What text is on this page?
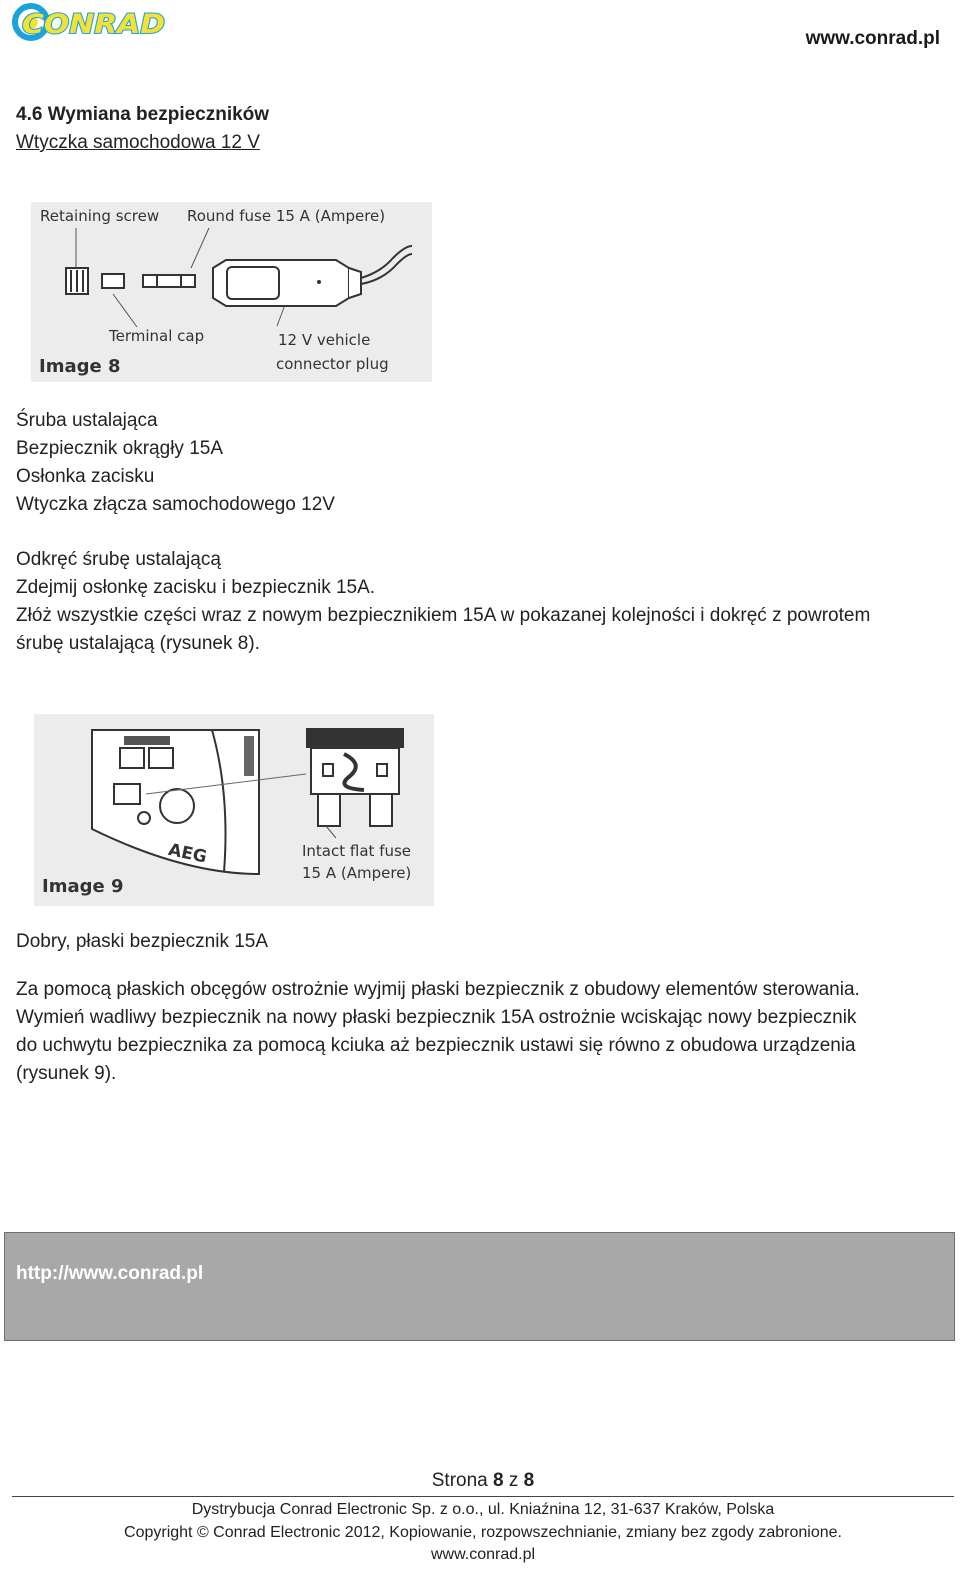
CONRAD	www.conrad.pl
4.6 Wymiana bezpieczników
Wtyczka samochodowa 12 V
Retaining screw Round fuse 15 A (Ampere)
Terminal cap	12 V vehicle
connector plug
Image 8
Śruba ustalająca
Bezpiecznik okrągły 15A
Osłonka zacisku
Wtyczka złącza samochodowego 12V
Odkręć śrubę ustalającą
Zdejmij osłonkę zacisku i bezpiecznik 15A.
Złóż wszystkie części wraz z nowym bezpiecznikiem 15A w pokazanej kolejności i dokręć z powrotem
śrubę ustalającą (rysunek 8).
AEG	Intact flat fuse
15 A (Ampere)
Image 9
Dobry, płaski bezpiecznik 15A
Za pomocą płaskich obcęgów ostrożnie wyjmij płaski bezpiecznik z obudowy elementów sterowania.
Wymień wadliwy bezpiecznik na nowy płaski bezpiecznik 15A ostrożnie wciskając nowy bezpiecznik
do uchwytu bezpiecznika za pomocą kciuka aż bezpiecznik ustawi się równo z obudowa urządzenia
(rysunek 9).
http://www.conrad.pl
Strona 8 z 8
Dystrybucja Conrad Electronic Sp. z o.o., ul. Kniaźnina 12, 31-637 Kraków, Polska
Copyright © Conrad Electronic 2012, Kopiowanie, rozpowszechnianie, zmiany bez zgody zabronione.
www.conrad.pl
